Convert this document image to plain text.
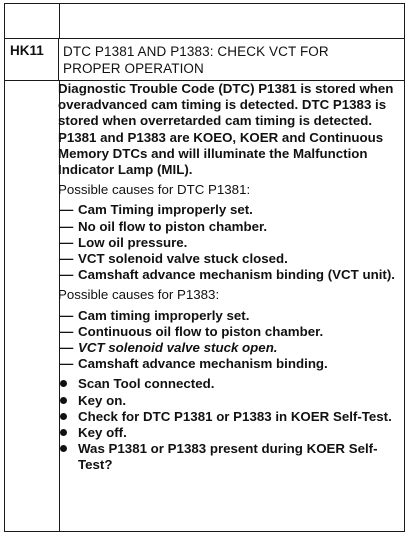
HK11	DTC P1381 AND P1383: CHECK VCT FOR
PROPER OPERATION

Diagnostic Trouble Code (DTC) P1381 is stored when overadvanced cam timing is detected. DTC P1383 is stored when overretarded cam timing is detected. P1381 and P1383 are KOEO, KOER and Continuous Memory DTCs and will illuminate the Malfunction Indicator Lamp (MIL).

Possible causes for DTC P1381:

— Cam Timing improperly set.
— No oil flow to piston chamber.
— Low oil pressure.
— VCT solenoid valve stuck closed.
— Camshaft advance mechanism binding (VCT unit).

Possible causes for P1383:

— Cam timing improperly set.
— Continuous oil flow to piston chamber.
— VCT solenoid valve stuck open.
— Camshaft advance mechanism binding.
Scan Tool connected.
Key on.
Check for DTC P1381 or P1383 in KOER Self-Test.
Key off.
Was P1381 or P1383 present during KOER Self-Test?
